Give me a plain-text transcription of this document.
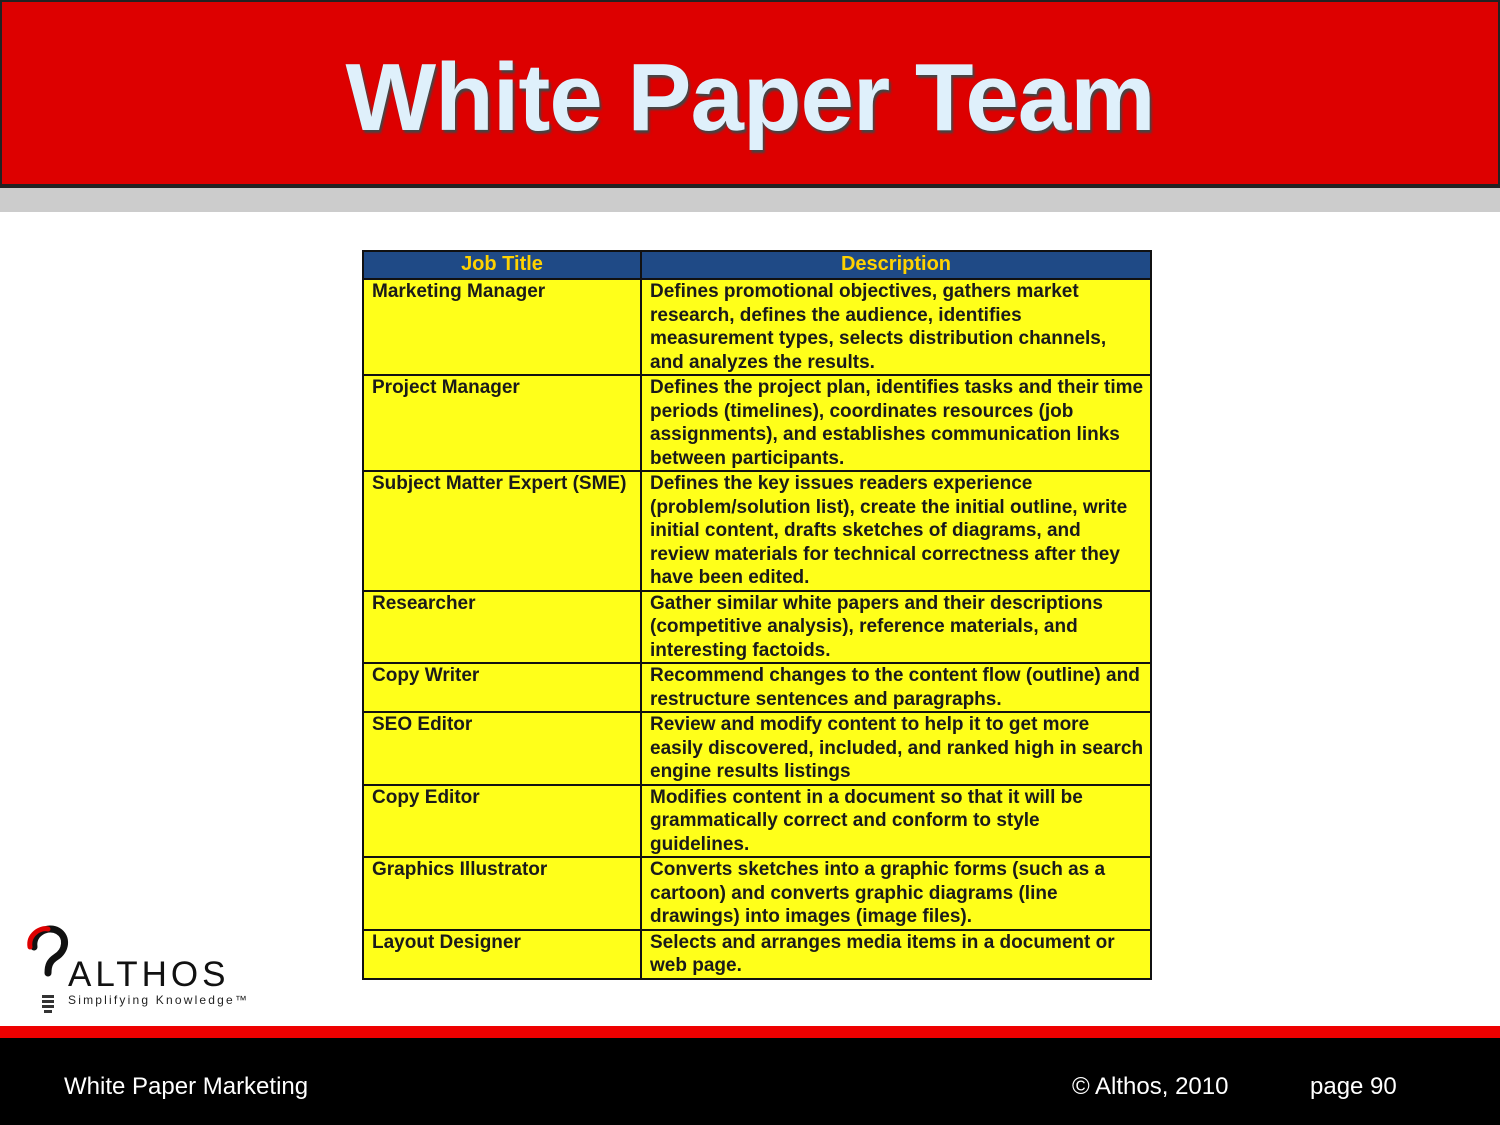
White Paper Team
Job Title	Description
Marketing Manager	Defines promotional objectives, gathers market research, defines the audience, identifies measurement types, selects distribution channels, and analyzes the results.
Project Manager	Defines the project plan, identifies tasks and their time periods (timelines), coordinates resources (job assignments), and establishes communication links between participants.
Subject Matter Expert (SME)	Defines the key issues readers experience (problem/solution list), create the initial outline, write initial content, drafts sketches of diagrams, and review materials for technical correctness after they have been edited.
Researcher	Gather similar white papers and their descriptions (competitive analysis), reference materials, and interesting factoids.
Copy Writer	Recommend changes to the content flow (outline) and restructure sentences and paragraphs.
SEO Editor	Review and modify content to help it to get more easily discovered, included, and ranked high in search engine results listings
Copy Editor	Modifies content in a document so that it will be grammatically correct and conform to style guidelines.
Graphics Illustrator	Converts sketches into a graphic forms (such as a cartoon) and converts graphic diagrams (line drawings) into images (image files).
Layout Designer	Selects and arranges media items in a document or web page.
ALTHOS
Simplifying Knowledge™
White Paper Marketing	© Althos, 2010	page 90
